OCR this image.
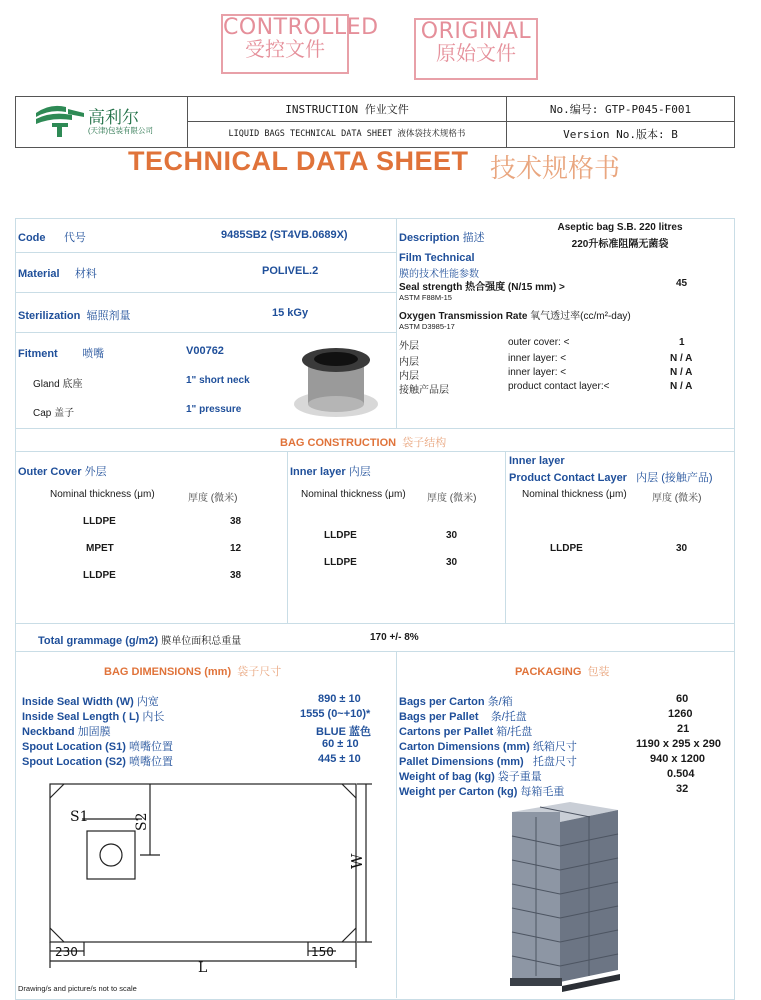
CONTROLLED
受控文件
ORIGINAL
原始文件
高利尔
(天津)包装有限公司
INSTRUCTION 作业文件
LIQUID BAGS TECHNICAL DATA SHEET 液体袋技术规格书
No.编号: GTP-P045-F001
Version No.版本: B
TECHNICAL DATA SHEET 技术规格书
Code 代号	9485SB2 (ST4VB.0689X)	Description 描述
Aseptic bag S.B. 220 litres
220升标准阻隔无菌袋
Material 材料	POLIVEL.2
Film Technical
膜的技术性能参数
Seal strength 热合强度 (N/15 mm) >	45
ASTM F88M-15
Sterilization 辐照剂量	15 kGy	Oxygen Transmission Rate 氧气透过率(cc/m²-day)
ASTM D3985-17
Fitment 喷嘴	V00762
Gland 底座	1" short neck
Cap 盖子	1" pressure
外层	outer cover: <	1
内层	inner layer: <	N / A
内层	inner layer: <	N / A
接触产品层	product contact layer:<	N / A
BAG CONSTRUCTION 袋子结构
Outer Cover 外层
Nominal thickness (μm)	厚度 (微米)
LLDPE	38
MPET	12
LLDPE	38
Inner layer 内层
Nominal thickness (μm) 厚度 (微米)
LLDPE	30
LLDPE	30
Inner layer
Product Contact Layer 内层 (接触产品)
Nominal thickness (μm)	厚度 (微米)
LLDPE	30
Total grammage (g/m2) 膜单位面积总重量	170 +/- 8%
BAG DIMENSIONS (mm) 袋子尺寸
Inside Seal Width (W) 内宽	890 ± 10
Inside Seal Length ( L) 内长	1555 (0~+10)*
Neckband 加固膜	BLUE 蓝色
Spout Location (S1) 喷嘴位置	60 ± 10
Spout Location (S2) 喷嘴位置	445 ± 10
S1	S2
W
L
230	150
Drawing/s and picture/s not to scale
PACKAGING 包装
Bags per Carton 条/箱	60
Bags per Pallet 条/托盘	1260
Cartons per Pallet 箱/托盘	21
Carton Dimensions (mm) 纸箱尺寸	1190 x 295 x 290
Pallet Dimensions (mm) 托盘尺寸	940 x 1200
Weight of bag (kg) 袋子重量	0.504
Weight per Carton (kg) 每箱毛重	32
